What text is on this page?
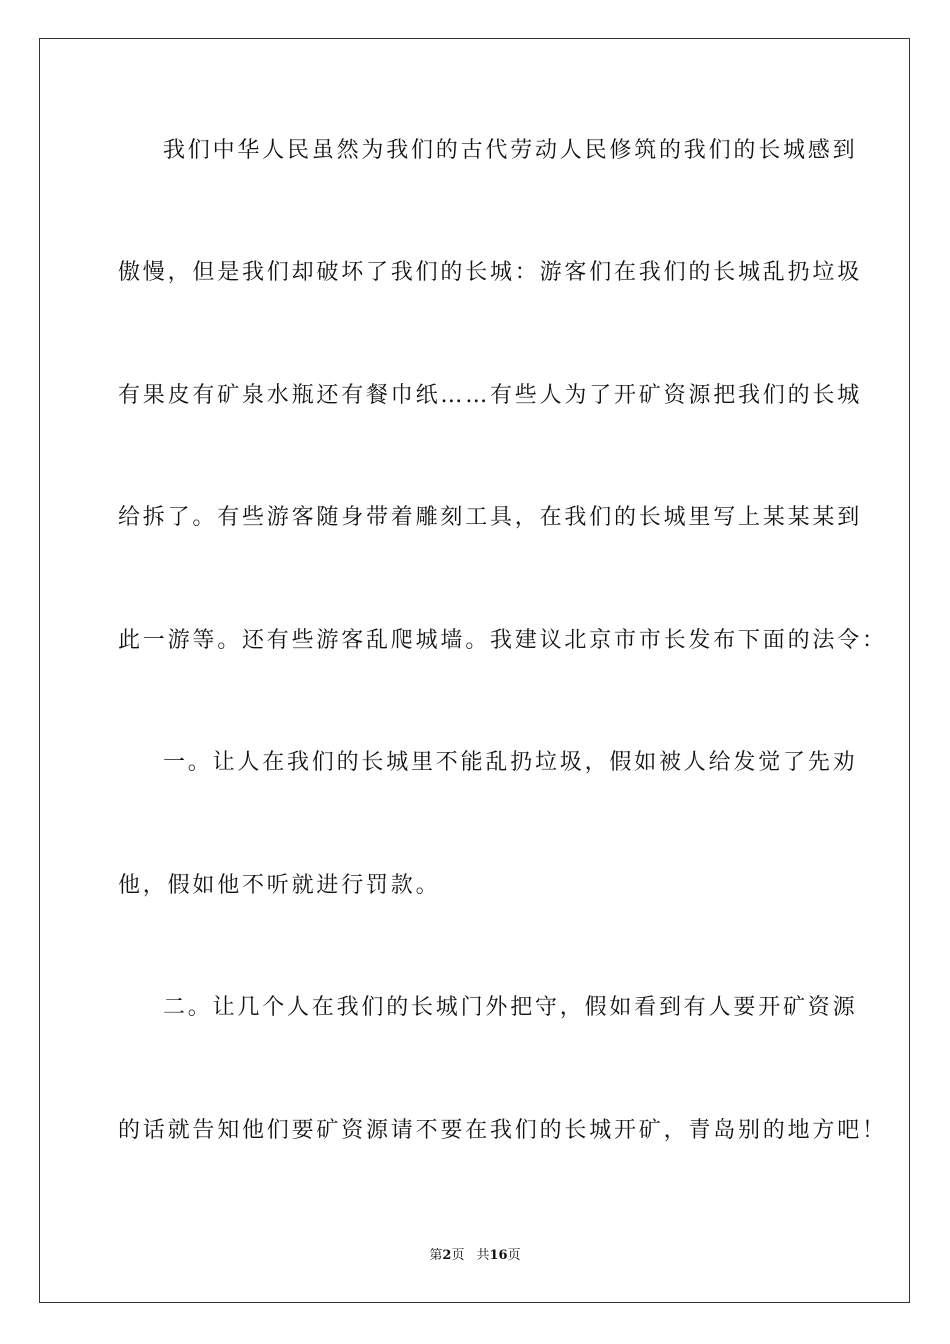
我们中华人民虽然为我们的古代劳动人民修筑的我们的长城感到
傲慢，但是我们却破坏了我们的长城：游客们在我们的长城乱扔垃圾
有果皮有矿泉水瓶还有餐巾纸……有些人为了开矿资源把我们的长城
给拆了。有些游客随身带着雕刻工具，在我们的长城里写上某某某到
此一游等。还有些游客乱爬城墙。我建议北京市市长发布下面的法令：
一。让人在我们的长城里不能乱扔垃圾，假如被人给发觉了先劝
他，假如他不听就进行罚款。
二。让几个人在我们的长城门外把守，假如看到有人要开矿资源
的话就告知他们要矿资源请不要在我们的长城开矿，青岛别的地方吧！
第2页 共16页
